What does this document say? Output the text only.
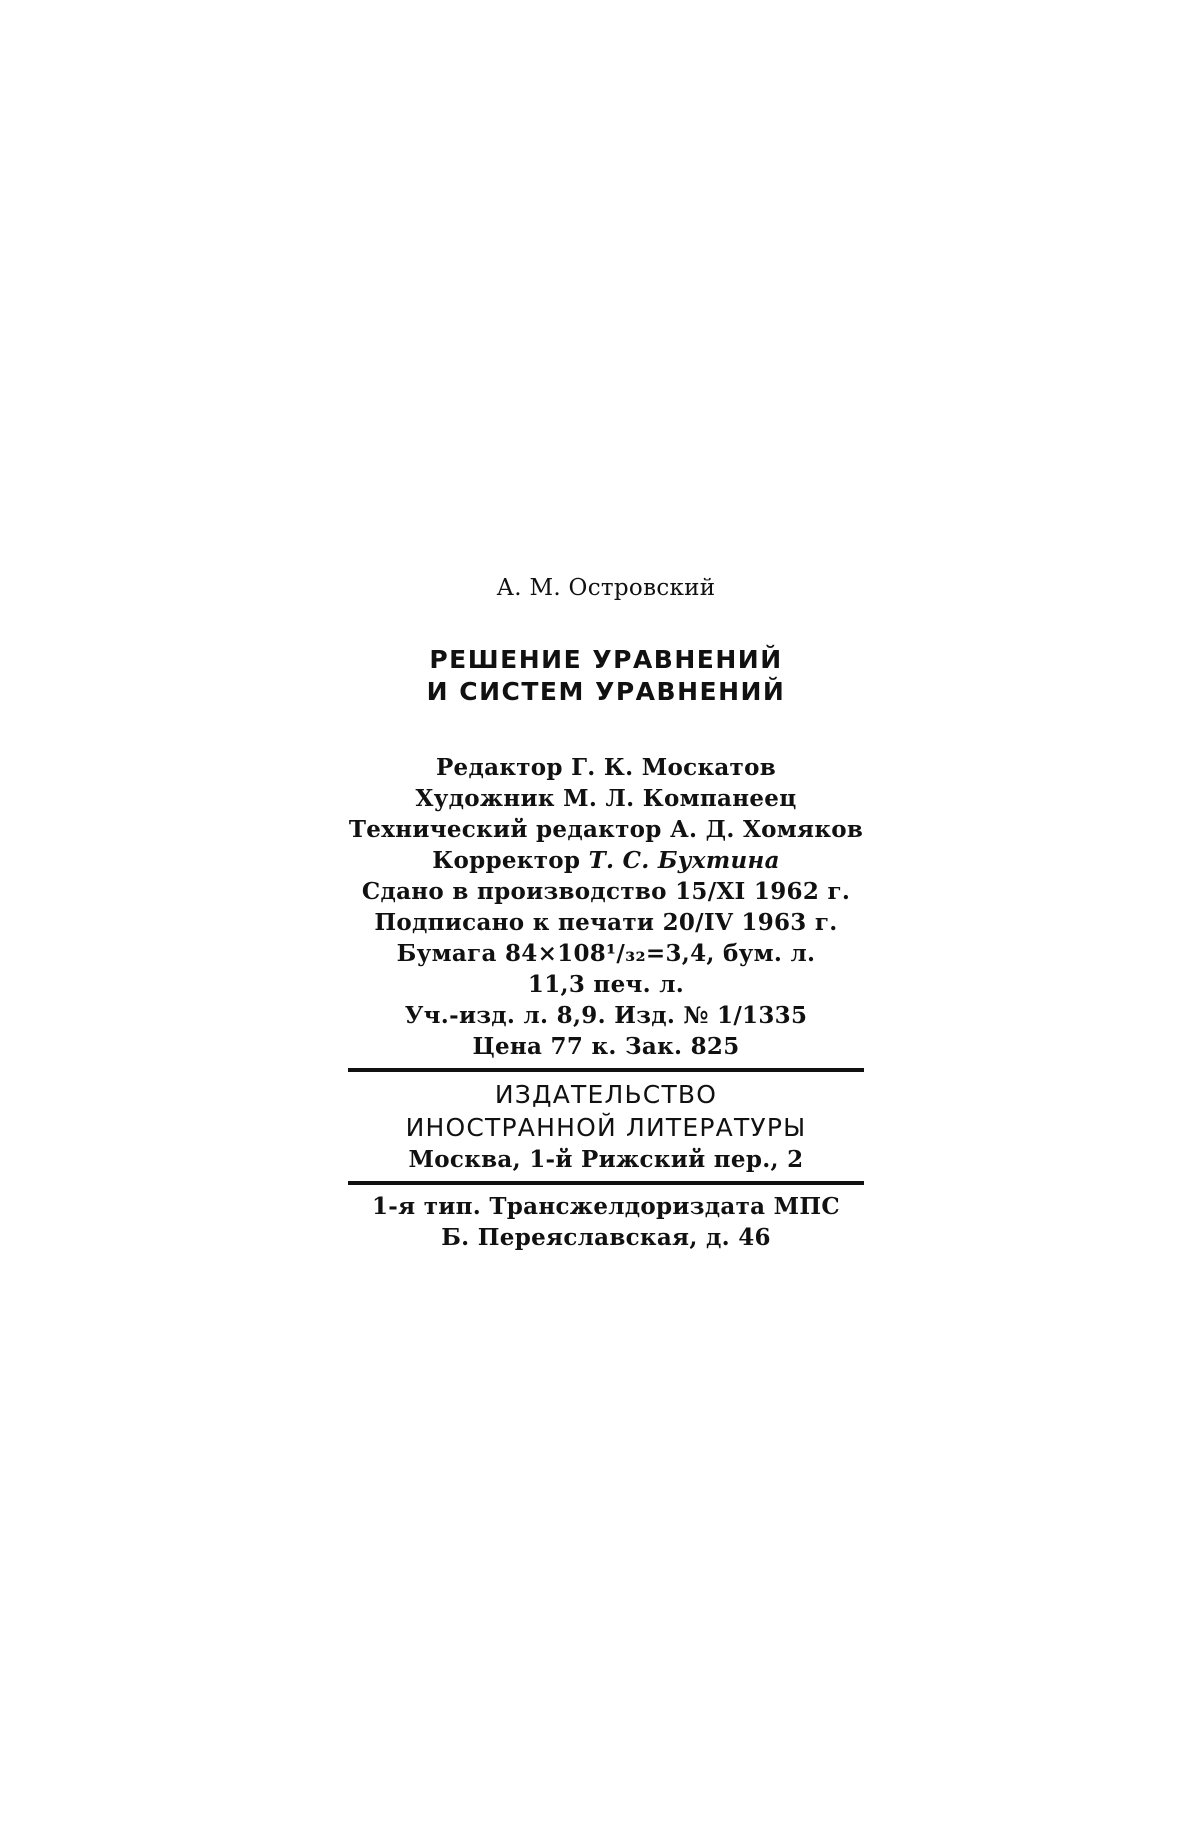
А. М. Островский
РЕШЕНИЕ УРАВНЕНИЙ
И СИСТЕМ УРАВНЕНИЙ
Редактор Г. К. Москатов
Художник М. Л. Компанеец
Технический редактор А. Д. Хомяков
Корректор Т. С. Бухтина
Сдано в производство 15/XI 1962 г.
Подписано к печати 20/IV 1963 г.
Бумага 84×108¹/₃₂=3,4, бум. л.
11,3 печ. л.
Уч.-изд. л. 8,9. Изд. № 1/1335
Цена 77 к. Зак. 825
ИЗДАТЕЛЬСТВО
ИНОСТРАННОЙ ЛИТЕРАТУРЫ
Москва, 1-й Рижский пер., 2
1-я тип. Трансжелдориздата МПС
Б. Переяславская, д. 46
